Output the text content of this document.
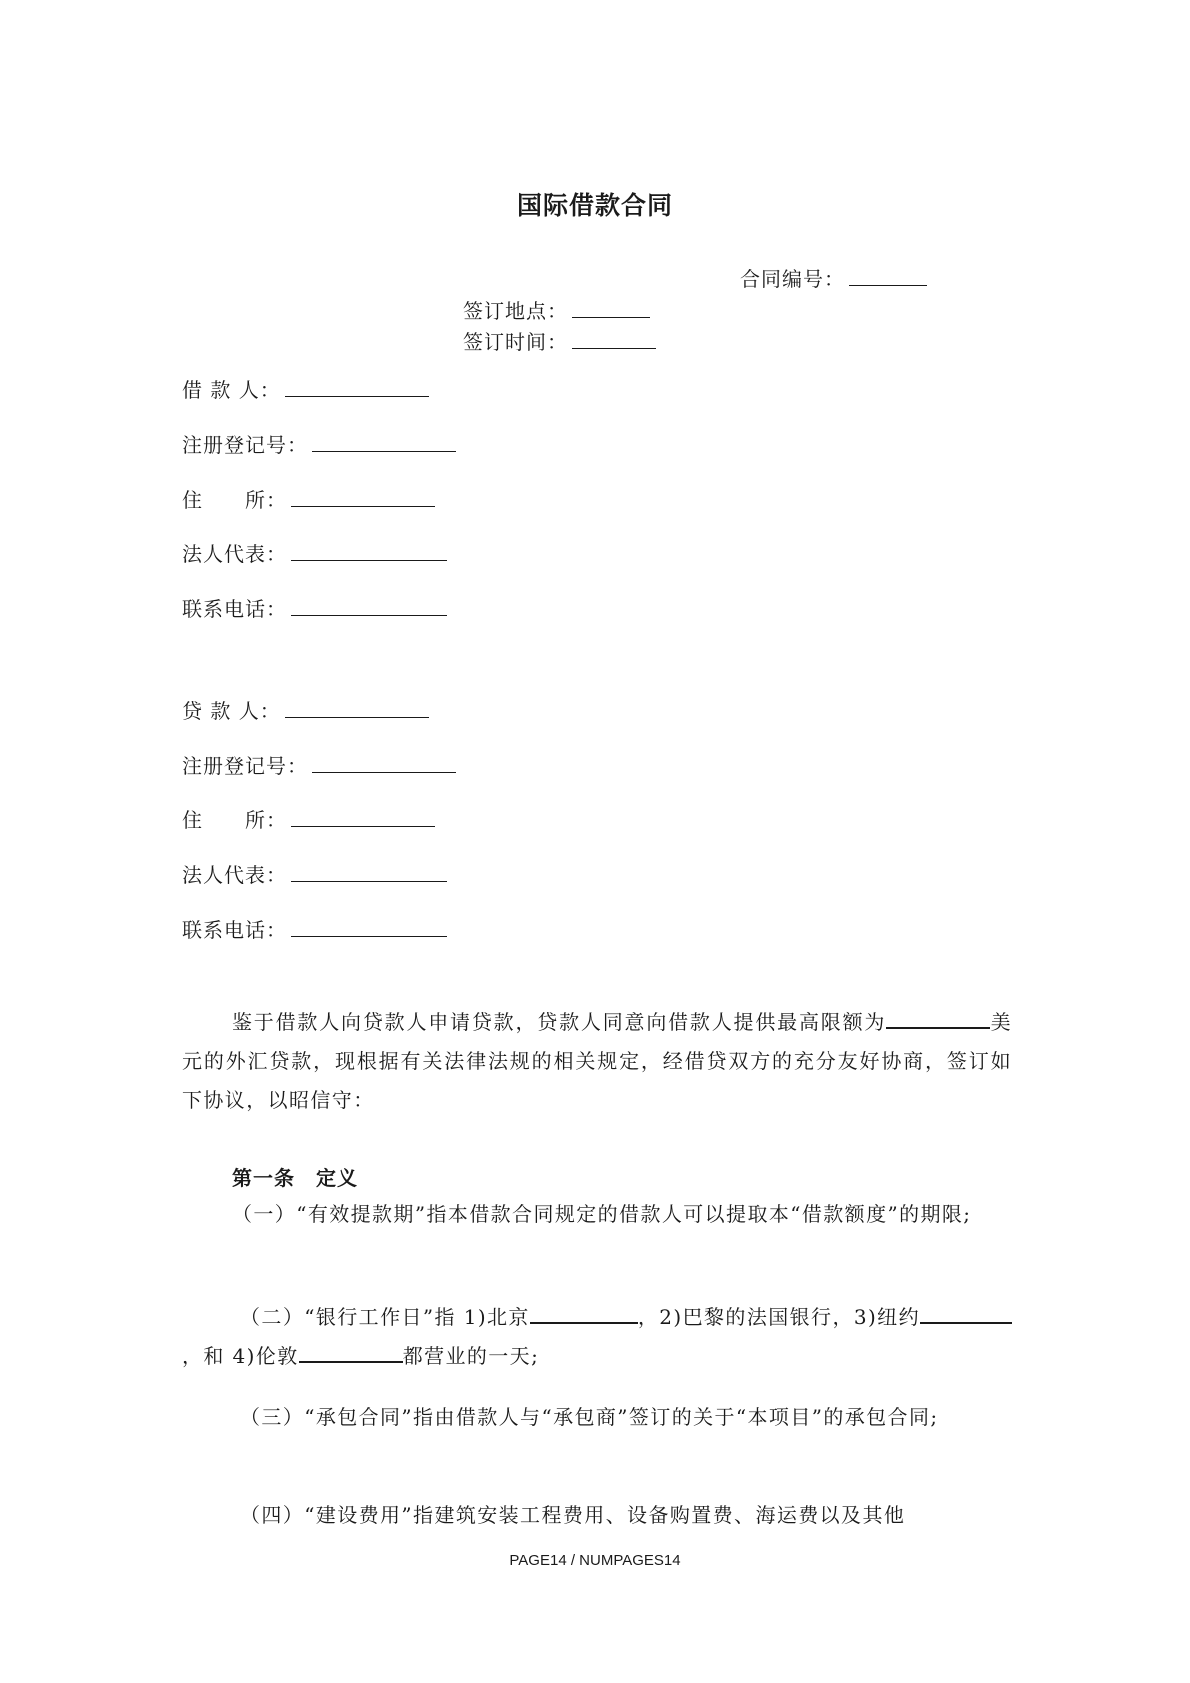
国际借款合同
合同编号：
签订地点：
签订时间：
借 款 人：
注册登记号：
住　　所：
法人代表：
联系电话：
贷 款 人：
注册登记号：
住　　所：
法人代表：
联系电话：
鉴于借款人向贷款人申请贷款，贷款人同意向借款人提供最高限额为	美元的外汇贷款，现根据有关法律法规的相关规定，经借贷双方的充分友好协商，签订如下协议，以昭信守：
第一条　定义
（一）“有效提款期”指本借款合同规定的借款人可以提取本“借款额度”的期限;
（二）“银行工作日”指 1)北京	，2)巴黎的法国银行，3)纽约，和 4)伦敦	都营业的一天;
（三）“承包合同”指由借款人与“承包商”签订的关于“本项目”的承包合同;
（四）“建设费用”指建筑安装工程费用、设备购置费、海运费以及其他
PAGE14 / NUMPAGES14
